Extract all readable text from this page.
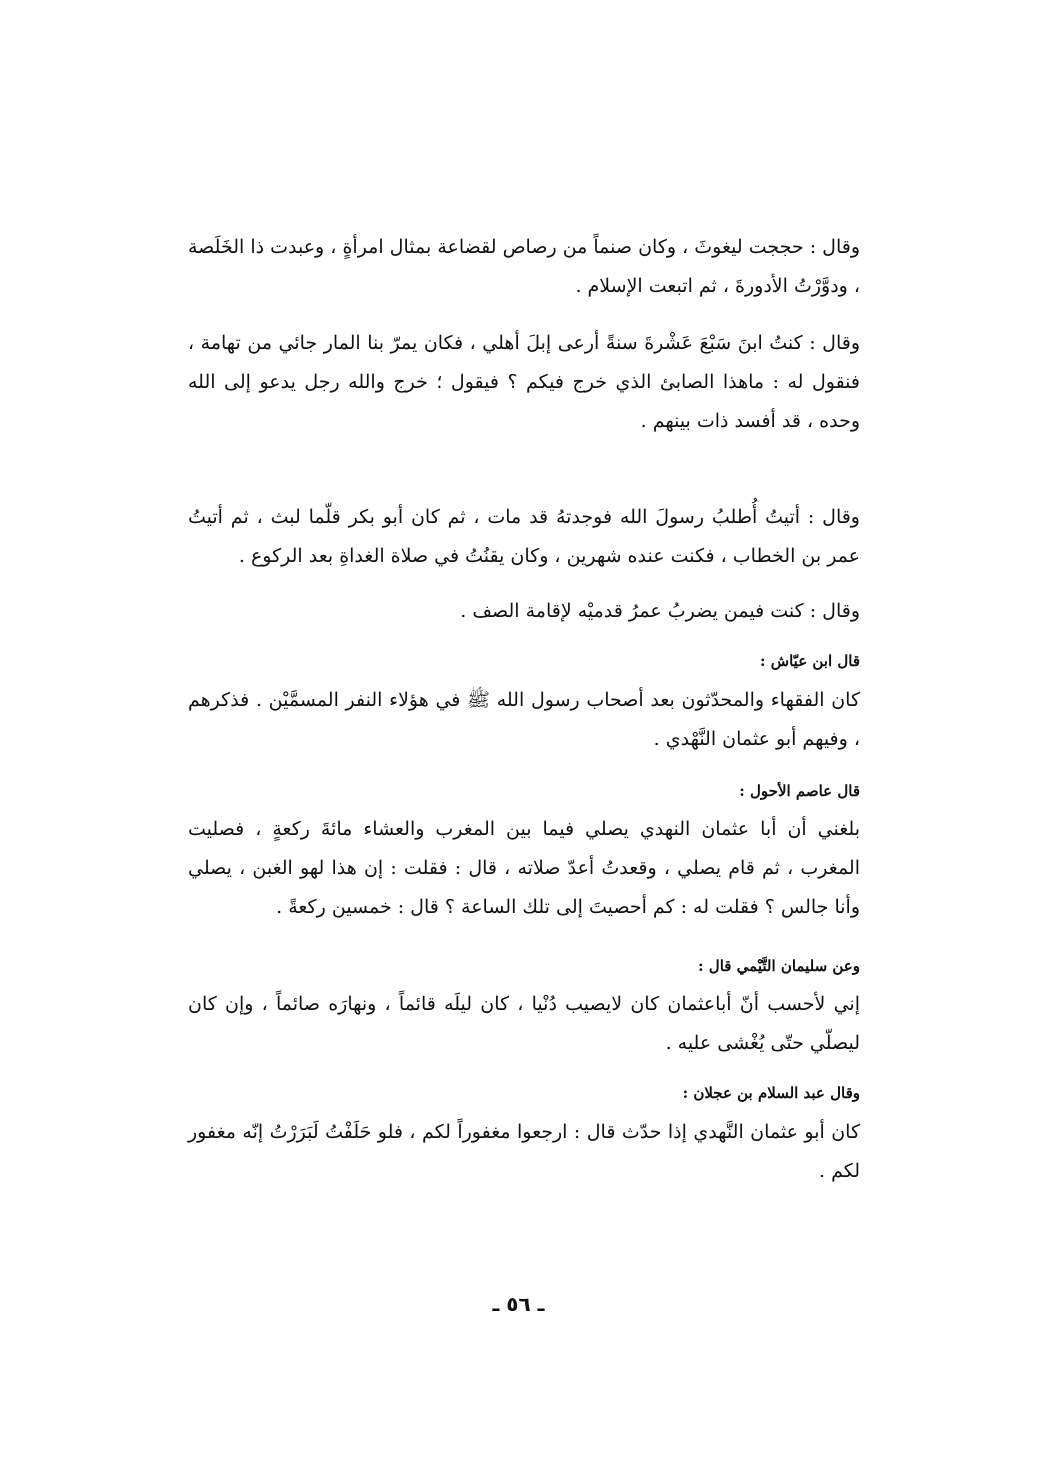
وقال : حججت ليغوثَ ، وكان صنماً من رصاص لقضاعة بمثال امرأةٍ ، وعبدت ذا الخَلَصة ، ودوَّرْتُ الأدورةَ ، ثم اتبعت الإسلام .

وقال : كنتُ ابنَ سَبْعَ عَشْرةَ سنةً أرعى إبلَ أهلي ، فكان يمرّ بنا المار جائي من تهامة ، فنقول له : ماهذا الصابئ الذي خرج فيكم ؟ فيقول ؛ خرج والله رجل يدعو إلى الله وحده ، قد أفسد ذات بينهم .

وقال : أتيتُ أُطلبُ رسولَ الله فوجدتهُ قد مات ، ثم كان أبو بكر قلّما لبث ، ثم أتيتُ عمر بن الخطاب ، فكنت عنده شهرين ، وكان يقنُتُ في صلاة الغداةِ بعد الركوع .

وقال : كنت فيمن يضربُ عمرُ قدميْه لإقامة الصف .

قال ابن عيّاش :

كان الفقهاء والمحدّثون بعد أصحاب رسول الله ﷺ في هؤلاء النفر المسمَّيْن . فذكرهم ، وفيهم أبو عثمان النَّهْدي .

قال عاصم الأحول :

بلغني أن أبا عثمان النهدي يصلي فيما بين المغرب والعشاء مائةَ ركعةٍ ، فصليت المغرب ، ثم قام يصلي ، وقعدتُ أعدّ صلاته ، قال : فقلت : إن هذا لهو الغبن ، يصلي وأنا جالس ؟ فقلت له : كم أحصيتَ إلى تلك الساعة ؟ قال : خمسين ركعةً .

وعن سليمان التَّيْمي قال :

إني لأحسب أنّ أباعثمان كان لايصيب دُنْيا ، كان ليلَه قائماً ، ونهارَه صائماً ، وإن كان ليصلّي حتّى يُغْشى عليه .

وقال عبد السلام بن عجلان :

كان أبو عثمان النَّهدي إذا حدّث قال : ارجعوا مغفوراً لكم ، فلو حَلَفْتُ لَبَرَرْتُ إنّه مغفور لكم .

ـ ٥٦ ـ
